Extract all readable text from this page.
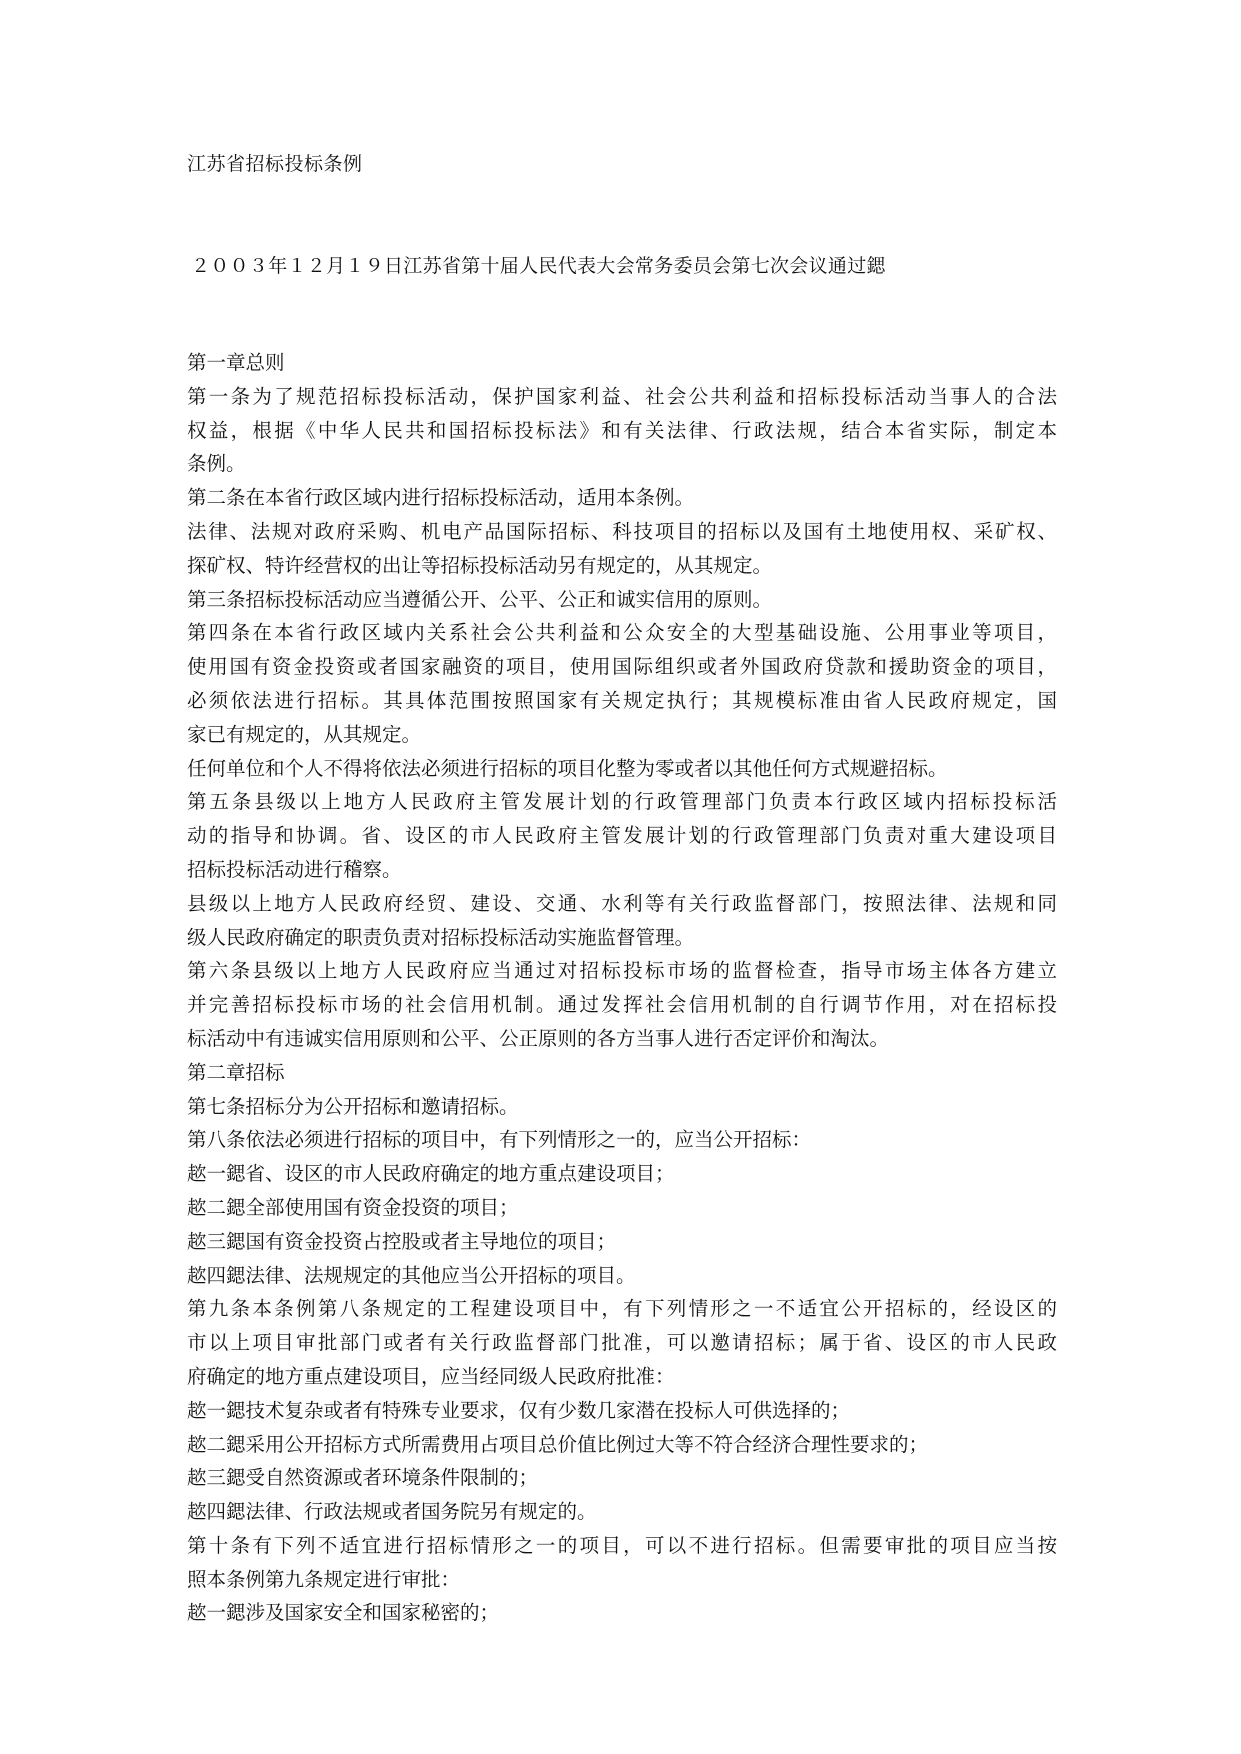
江苏省招标投标条例
２００３年１２月１９日江苏省第十届人民代表大会常务委员会第七次会议通过鍶
第一章总则
第一条为了规范招标投标活动，保护国家利益、社会公共利益和招标投标活动当事人的合法
权益，根据《中华人民共和国招标投标法》和有关法律、行政法规，结合本省实际，制定本
条例。
第二条在本省行政区域内进行招标投标活动，适用本条例。
法律、法规对政府采购、机电产品国际招标、科技项目的招标以及国有土地使用权、采矿权、
探矿权、特许经营权的出让等招标投标活动另有规定的，从其规定。
第三条招标投标活动应当遵循公开、公平、公正和诚实信用的原则。
第四条在本省行政区域内关系社会公共利益和公众安全的大型基础设施、公用事业等项目，
使用国有资金投资或者国家融资的项目，使用国际组织或者外国政府贷款和援助资金的项目，
必须依法进行招标。其具体范围按照国家有关规定执行；其规模标准由省人民政府规定，国
家已有规定的，从其规定。
任何单位和个人不得将依法必须进行招标的项目化整为零或者以其他任何方式规避招标。
第五条县级以上地方人民政府主管发展计划的行政管理部门负责本行政区域内招标投标活
动的指导和协调。省、设区的市人民政府主管发展计划的行政管理部门负责对重大建设项目
招标投标活动进行稽察。
县级以上地方人民政府经贸、建设、交通、水利等有关行政监督部门，按照法律、法规和同
级人民政府确定的职责负责对招标投标活动实施监督管理。
第六条县级以上地方人民政府应当通过对招标投标市场的监督检查，指导市场主体各方建立
并完善招标投标市场的社会信用机制。通过发挥社会信用机制的自行调节作用，对在招标投
标活动中有违诚实信用原则和公平、公正原则的各方当事人进行否定评价和淘汰。
第二章招标
第七条招标分为公开招标和邀请招标。
第八条依法必须进行招标的项目中，有下列情形之一的，应当公开招标：
趑一鍶省、设区的市人民政府确定的地方重点建设项目；
趑二鍶全部使用国有资金投资的项目；
趑三鍶国有资金投资占控股或者主导地位的项目；
趑四鍶法律、法规规定的其他应当公开招标的项目。
第九条本条例第八条规定的工程建设项目中，有下列情形之一不适宜公开招标的，经设区的
市以上项目审批部门或者有关行政监督部门批准，可以邀请招标；属于省、设区的市人民政
府确定的地方重点建设项目，应当经同级人民政府批准：
趑一鍶技术复杂或者有特殊专业要求，仅有少数几家潜在投标人可供选择的；
趑二鍶采用公开招标方式所需费用占项目总价值比例过大等不符合经济合理性要求的；
趑三鍶受自然资源或者环境条件限制的；
趑四鍶法律、行政法规或者国务院另有规定的。
第十条有下列不适宜进行招标情形之一的项目，可以不进行招标。但需要审批的项目应当按
照本条例第九条规定进行审批：
趑一鍶涉及国家安全和国家秘密的；
